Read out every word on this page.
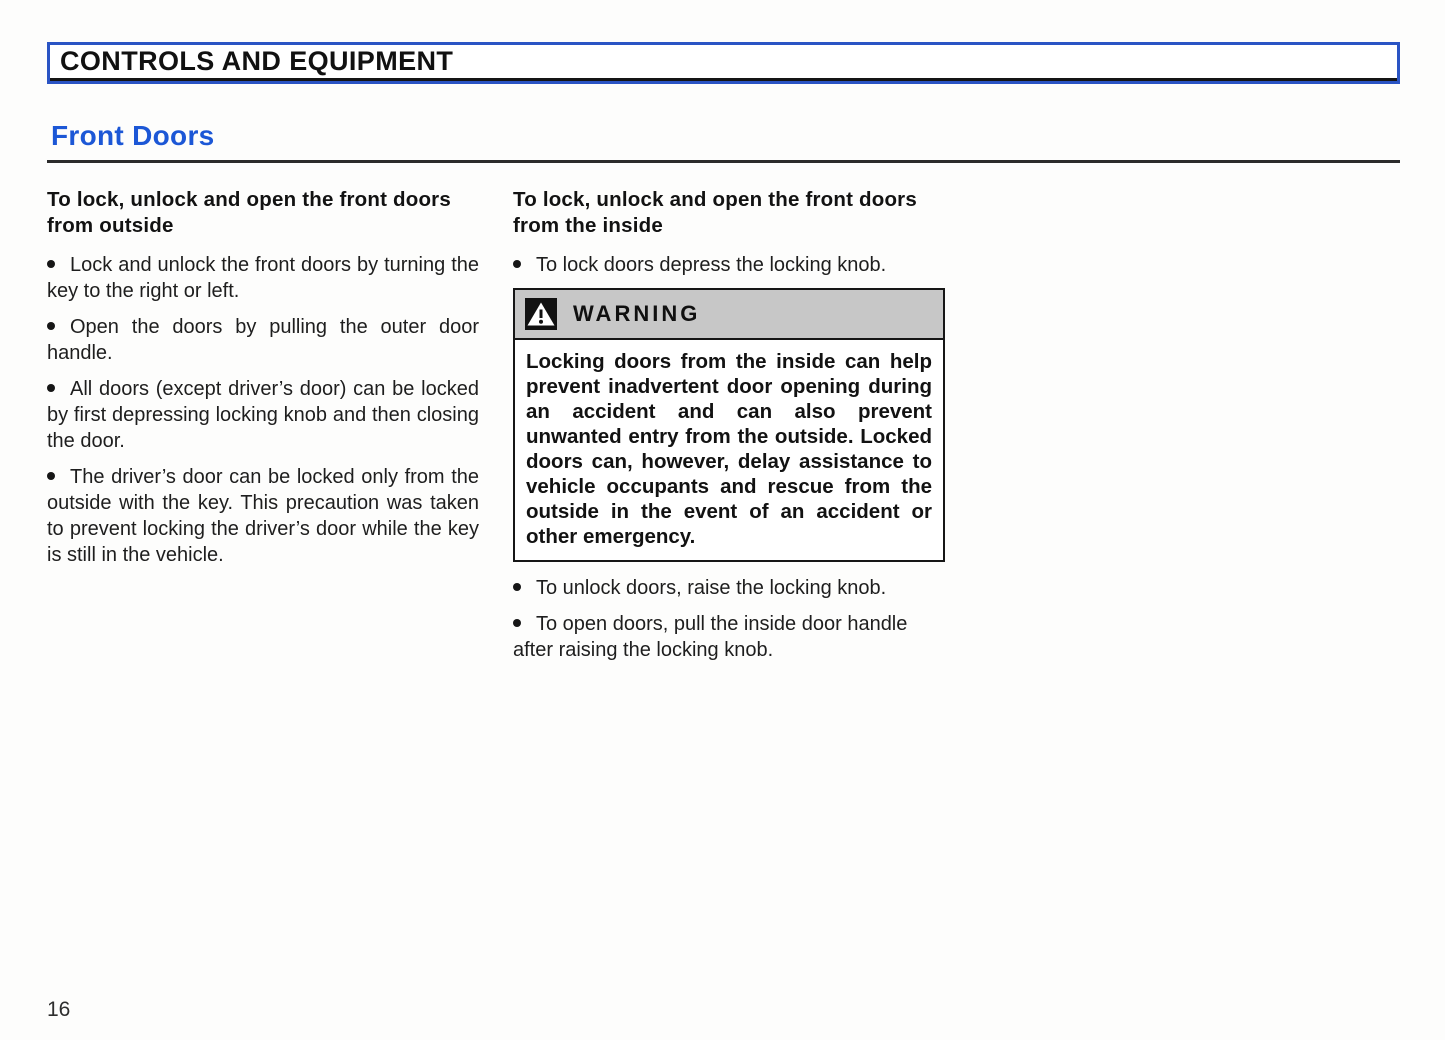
CONTROLS AND EQUIPMENT
Front Doors
To lock, unlock and open the front doors from outside

Lock and unlock the front doors by turning the key to the right or left.

Open the doors by pulling the outer door handle.

All doors (except driver’s door) can be locked by first depressing locking knob and then closing the door.

The driver’s door can be locked only from the outside with the key. This precaution was taken to prevent locking the driver’s door while the key is still in the vehicle.

To lock, unlock and open the front doors from the inside

To lock doors depress the locking knob.

WARNING
Locking doors from the inside can help prevent inadvertent door opening during an accident and can also prevent unwanted entry from the outside. Locked doors can, however, delay assistance to vehicle occupants and rescue from the outside in the event of an accident or other emergency.

To unlock doors, raise the locking knob.

To open doors, pull the inside door handle after raising the locking knob.

16
